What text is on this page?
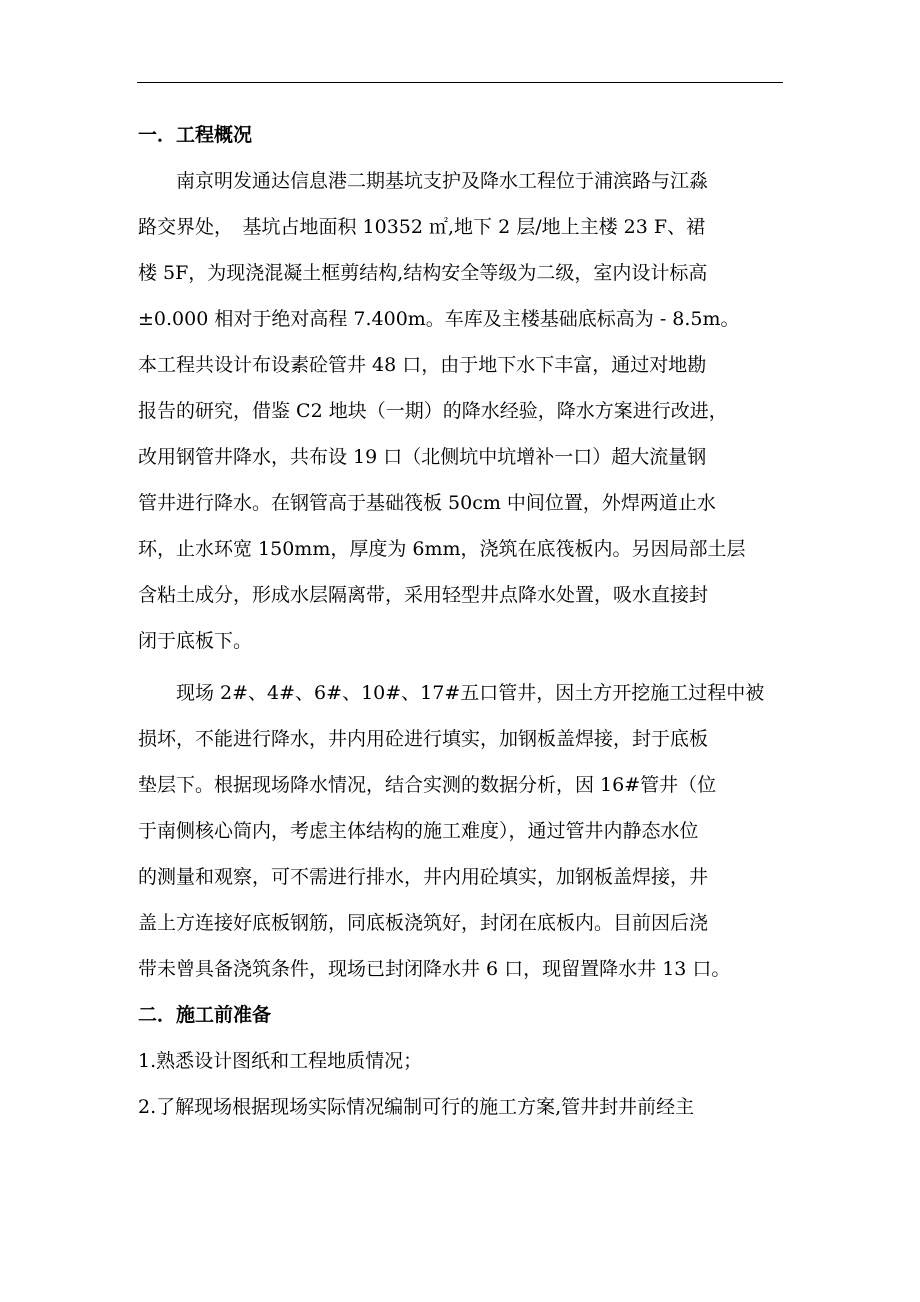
一．工程概况
南京明发通达信息港二期基坑支护及降水工程位于浦滨路与江淼
路交界处，　基坑占地面积 10352 ㎡,地下 2 层/地上主楼 23 F、裙
楼 5F，为现浇混凝土框剪结构,结构安全等级为二级，室内设计标高
±0.000 相对于绝对高程 7.400m。车库及主楼基础底标高为 - 8.5m。
本工程共设计布设素砼管井 48 口，由于地下水下丰富，通过对地勘
报告的研究，借鉴 C2 地块（一期）的降水经验，降水方案进行改进，
改用钢管井降水，共布设 19 口（北侧坑中坑增补一口）超大流量钢
管井进行降水。在钢管高于基础筏板 50cm 中间位置，外焊两道止水
环，止水环宽 150mm，厚度为 6mm，浇筑在底筏板内。另因局部土层
含粘土成分，形成水层隔离带，采用轻型井点降水处置，吸水直接封
闭于底板下。
现场 2#、4#、6#、10#、17#五口管井，因土方开挖施工过程中被
损坏，不能进行降水，井内用砼进行填实，加钢板盖焊接，封于底板
垫层下。根据现场降水情况，结合实测的数据分析，因 16#管井（位
于南侧核心筒内，考虑主体结构的施工难度），通过管井内静态水位
的测量和观察，可不需进行排水，井内用砼填实，加钢板盖焊接，井
盖上方连接好底板钢筋，同底板浇筑好，封闭在底板内。目前因后浇
带未曾具备浇筑条件，现场已封闭降水井 6 口，现留置降水井 13 口。
二．施工前准备
1.熟悉设计图纸和工程地质情况；
2.了解现场根据现场实际情况编制可行的施工方案,管井封井前经主
